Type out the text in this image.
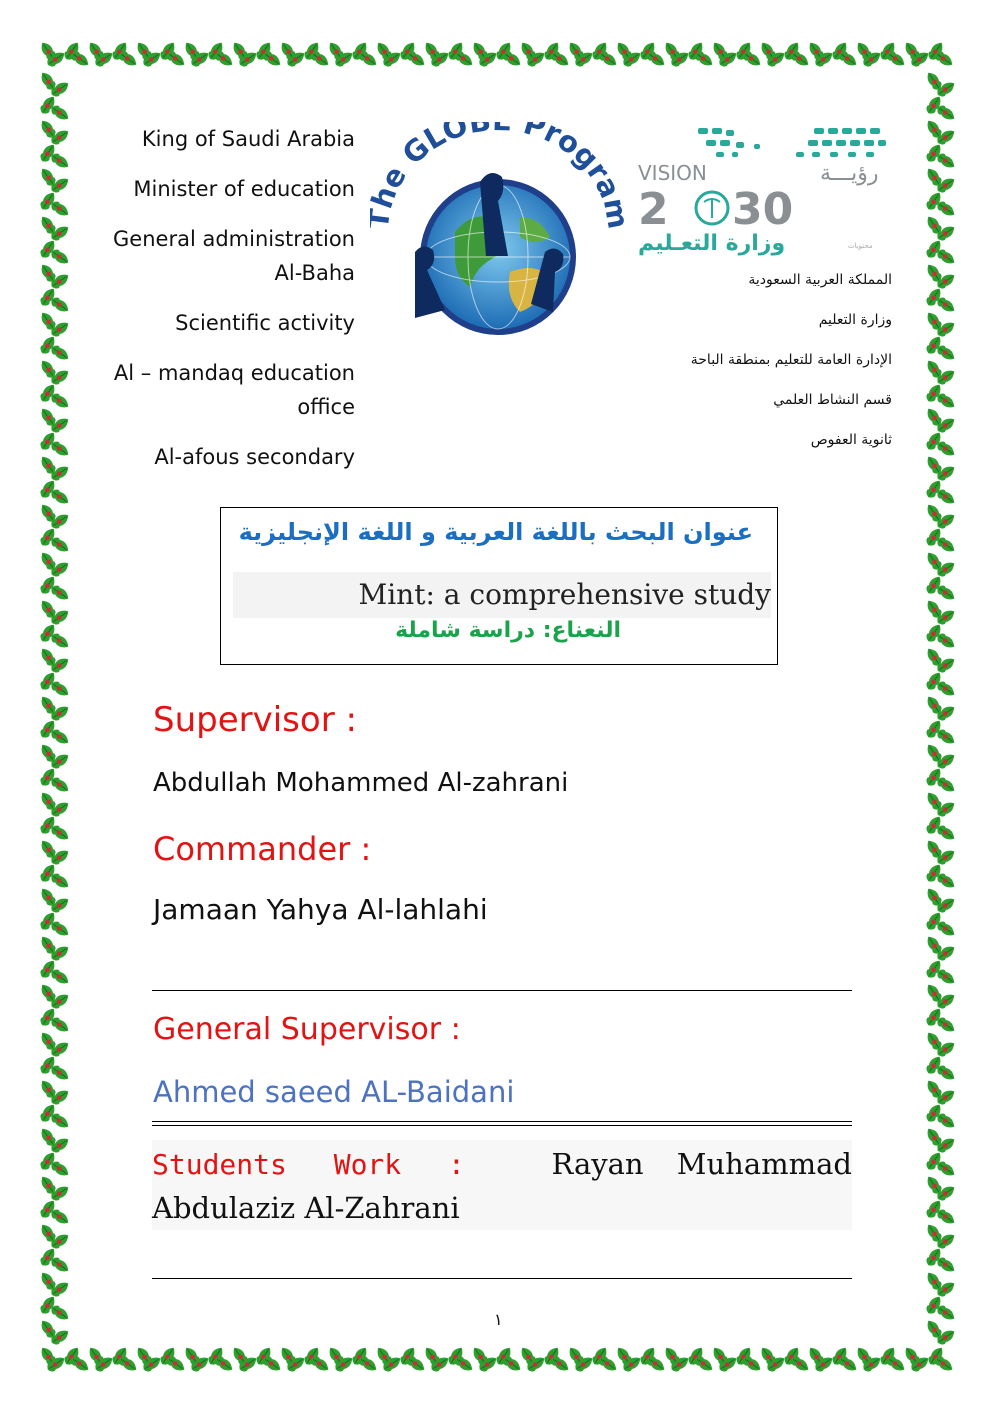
King of Saudi Arabia
Minister of education
General administration
Al-Baha
Scientific activity
Al – mandaq education
office
Al-afous secondary
e GLO Progra VISION	رؤيـــة
2 30
وزارة التعـليم	محتويات
المملكة العربية السعودية
وزارة التعليم
الإدارة العامة للتعليم بمنطقة الباحة
قسم النشاط العلمي
ثانوية العفوص
عنوان البحث باللغة العربية و اللغة الإنجليزية
Mint: a comprehensive study
النعناع: دراسة شاملة
Supervisor :
Abdullah Mohammed Al-zahrani
Commander :
Jamaan Yahya Al-lahlahi
General Supervisor :
Ahmed saeed AL-Baidani
Students Work :	Rayan Muhammad
Abdulaziz Al-Zahrani
١
